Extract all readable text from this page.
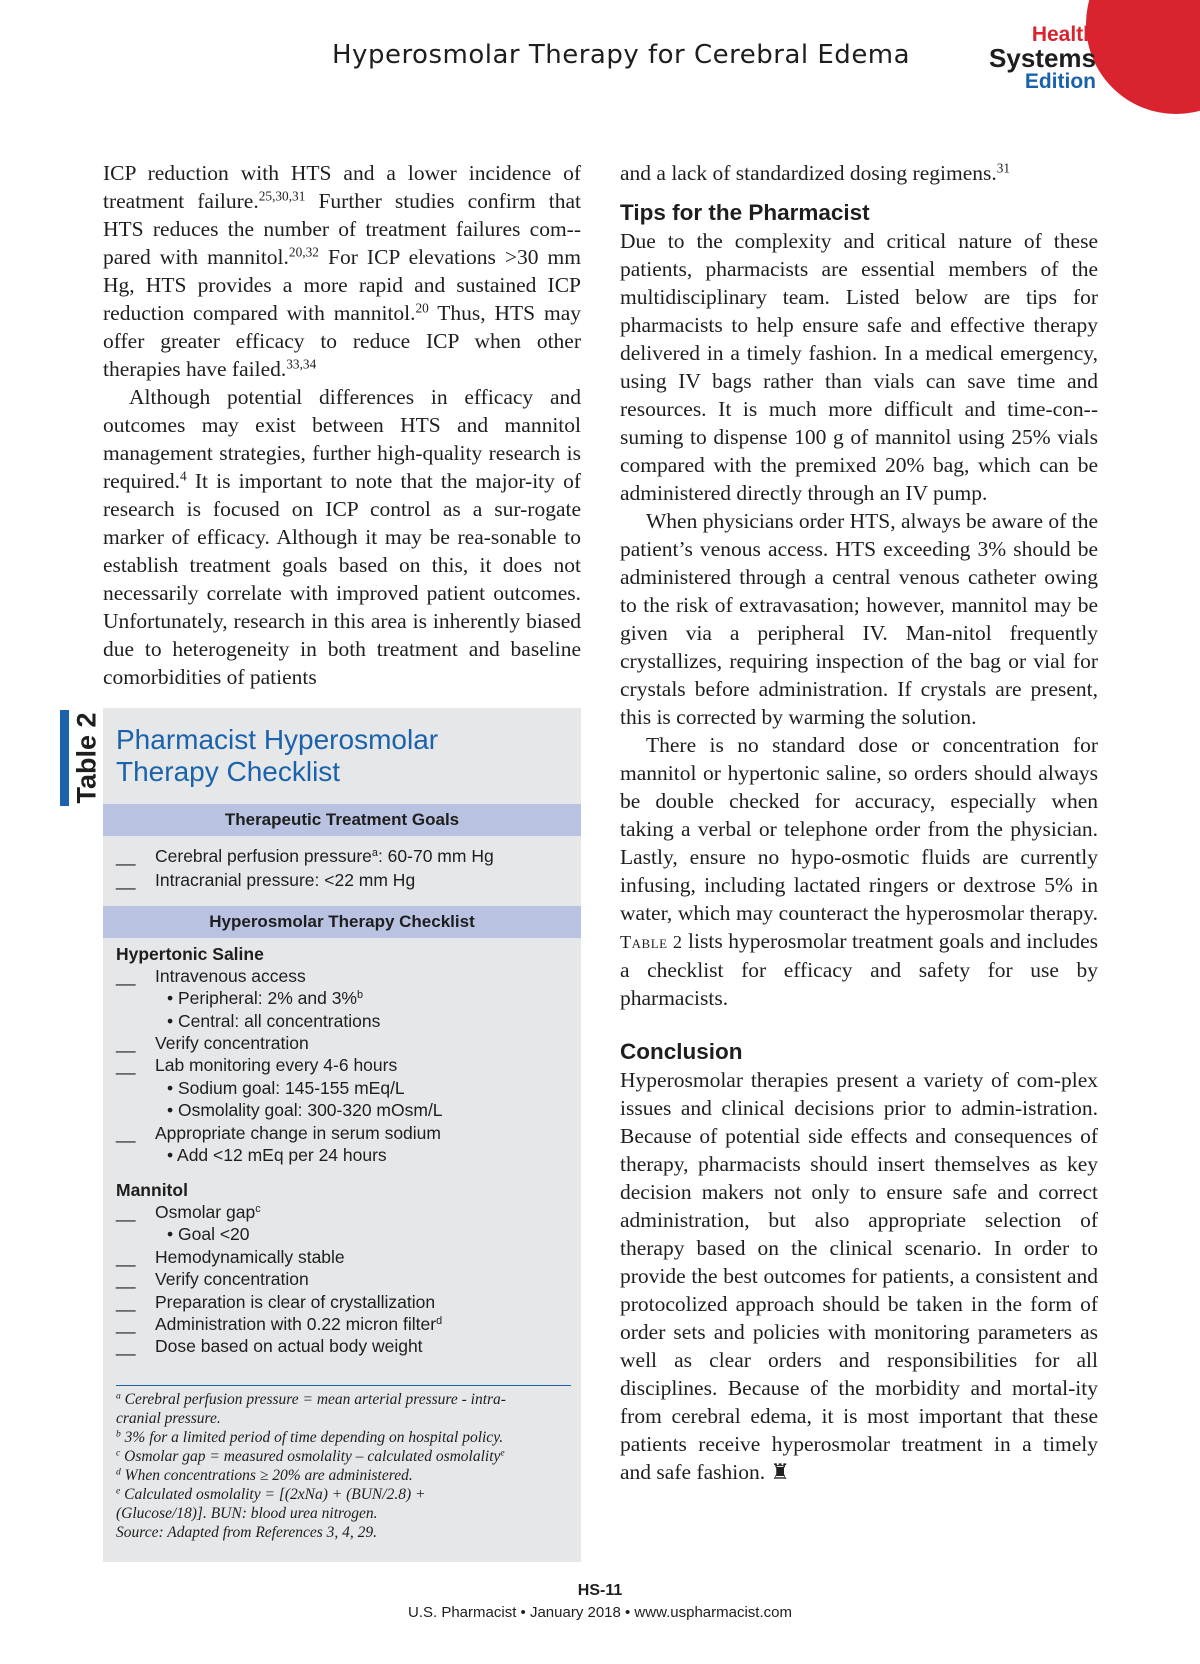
Hyperosmolar Therapy for Cerebral Edema
Health
Systems
Edition

ICP reduction with HTS and a lower incidence of treatment failure.$^{25,30,31}$ Further studies confirm that HTS reduces the number of treatment failures com-pared with mannitol.$^{20,32}$ For ICP elevations >30 mm Hg, HTS provides a more rapid and sustained ICP reduction compared with mannitol.$^{20}$ Thus, HTS may offer greater efficacy to reduce ICP when other therapies have failed.$^{33,34}$

Although potential differences in efficacy and outcomes may exist between HTS and mannitol management strategies, further high-quality research is required.$^4$ It is important to note that the major-ity of research is focused on ICP control as a sur-rogate marker of efficacy. Although it may be rea-sonable to establish treatment goals based on this, it does not necessarily correlate with improved patient outcomes. Unfortunately, research in this area is inherently biased due to heterogeneity in both treatment and baseline comorbidities of patients

and a lack of standardized dosing regimens.$^{31}$

Tips for the Pharmacist

Due to the complexity and critical nature of these patients, pharmacists are essential members of the multidisciplinary team. Listed below are tips for pharmacists to help ensure safe and effective therapy delivered in a timely fashion. In a medical emergency, using IV bags rather than vials can save time and resources. It is much more difficult and time-con-suming to dispense 100 g of mannitol using 25% vials compared with the premixed 20% bag, which can be administered directly through an IV pump.

When physicians order HTS, always be aware of the patient’s venous access. HTS exceeding 3% should be administered through a central venous catheter owing to the risk of extravasation; however, mannitol may be given via a peripheral IV. Man-nitol frequently crystallizes, requiring inspection of the bag or vial for crystals before administration. If crystals are present, this is corrected by warming the solution.

There is no standard dose or concentration for mannitol or hypertonic saline, so orders should always be double checked for accuracy, especially when taking a verbal or telephone order from the physician. Lastly, ensure no hypo-osmotic fluids are currently infusing, including lactated ringers or dextrose 5% in water, which may counteract the hyperosmolar therapy. Table 2 lists hyperosmolar treatment goals and includes a checklist for efficacy and safety for use by pharmacists.

Conclusion

Hyperosmolar therapies present a variety of com-plex issues and clinical decisions prior to admin-istration. Because of potential side effects and consequences of therapy, pharmacists should insert themselves as key decision makers not only to ensure safe and correct administration, but also appropriate selection of therapy based on the clinical scenario. In order to provide the best outcomes for patients, a consistent and protocolized approach should be taken in the form of order sets and policies with monitoring parameters as well as clear orders and responsibilities for all disciplines. Because of the morbidity and mortal-ity from cerebral edema, it is most important that these patients receive hyperosmolar treatment in a timely and safe fashion. ♜

Table 2 Pharmacist Hyperosmolar
Therapy Checklist
Therapeutic Treatment Goals
__ Cerebral perfusion pressure$^a$: 60-70 mm Hg
__ Intracranial pressure: <22 mm Hg
Hyperosmolar Therapy Checklist
Hypertonic Saline
__ Intravenous access
• Peripheral: 2% and 3%$^b$
• Central: all concentrations
__ Verify concentration
__ Lab monitoring every 4-6 hours
• Sodium goal: 145-155 mEq/L
• Osmolality goal: 300-320 mOsm/L
__ Appropriate change in serum sodium
• Add <12 mEq per 24 hours
Mannitol
__ Osmolar gap$^c$
• Goal <20
__ Hemodynamically stable
__ Verify concentration
__ Preparation is clear of crystallization
__ Administration with 0.22 micron filter$^d$
__ Dose based on actual body weight
$^a$ Cerebral perfusion pressure = mean arterial pressure - intra-
cranial pressure.
$^b$ 3% for a limited period of time depending on hospital policy.
$^c$ Osmolar gap = measured osmolality – calculated osmolality$^e$
$^d$ When concentrations ≥ 20% are administered.
$^e$ Calculated osmolality = [(2xNa) + (BUN/2.8) +
(Glucose/18)]. BUN: blood urea nitrogen.
Source: Adapted from References 3, 4, 29.
HS-11
U.S. Pharmacist • January 2018 • www.uspharmacist.com
